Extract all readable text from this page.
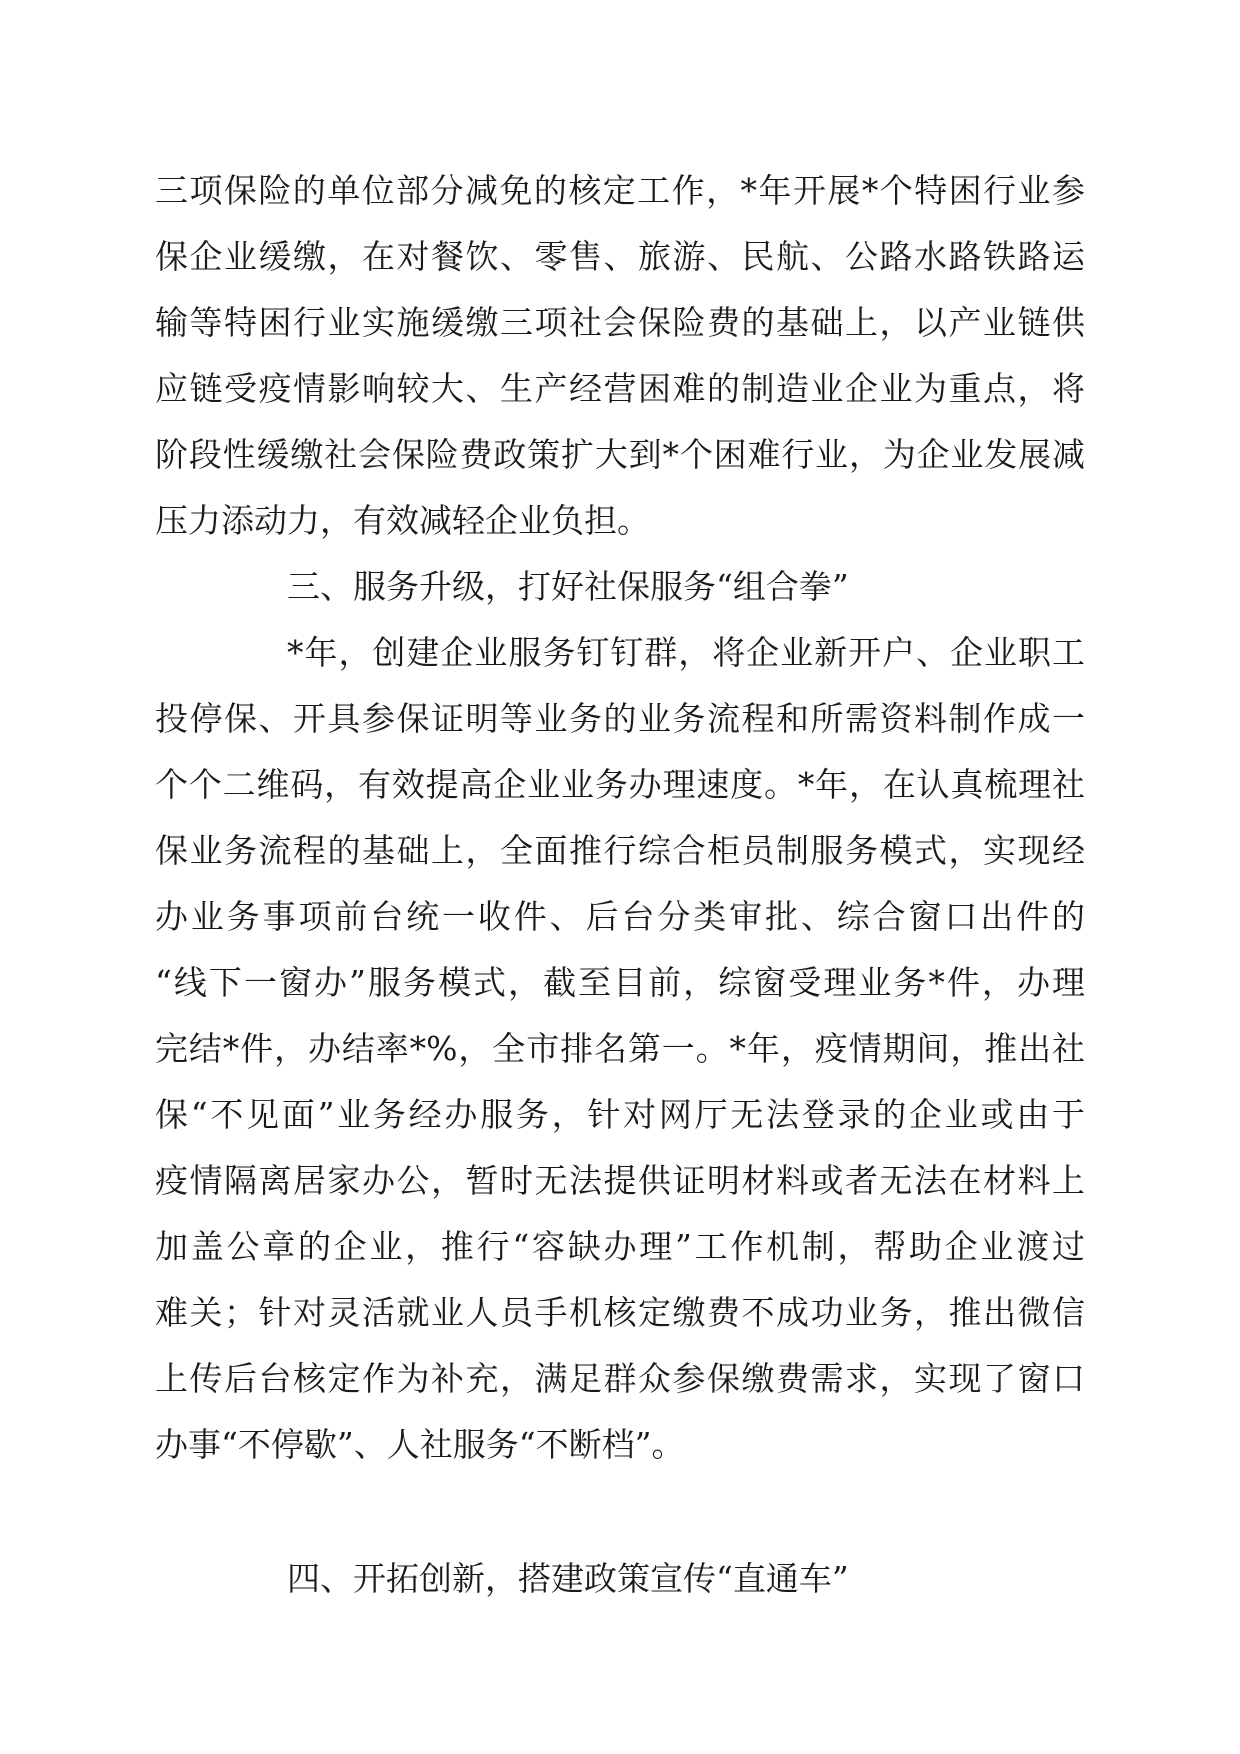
三项保险的单位部分减免的核定工作，*年开展*个特困行业参
保企业缓缴，在对餐饮、零售、旅游、民航、公路水路铁路运
输等特困行业实施缓缴三项社会保险费的基础上，以产业链供
应链受疫情影响较大、生产经营困难的制造业企业为重点，将
阶段性缓缴社会保险费政策扩大到*个困难行业，为企业发展减
压力添动力，有效减轻企业负担。
三、服务升级，打好社保服务“组合拳”
*年，创建企业服务钉钉群，将企业新开户、企业职工
投停保、开具参保证明等业务的业务流程和所需资料制作成一
个个二维码，有效提高企业业务办理速度。*年，在认真梳理社
保业务流程的基础上，全面推行综合柜员制服务模式，实现经
办业务事项前台统一收件、后台分类审批、综合窗口出件的
“线下一窗办”服务模式，截至目前，综窗受理业务*件，办理
完结*件，办结率*%，全市排名第一。*年，疫情期间，推出社
保“不见面”业务经办服务，针对网厅无法登录的企业或由于
疫情隔离居家办公，暂时无法提供证明材料或者无法在材料上
加盖公章的企业，推行“容缺办理”工作机制，帮助企业渡过
难关；针对灵活就业人员手机核定缴费不成功业务，推出微信
上传后台核定作为补充，满足群众参保缴费需求，实现了窗口
办事“不停歇”、人社服务“不断档”。
四、开拓创新，搭建政策宣传“直通车”
